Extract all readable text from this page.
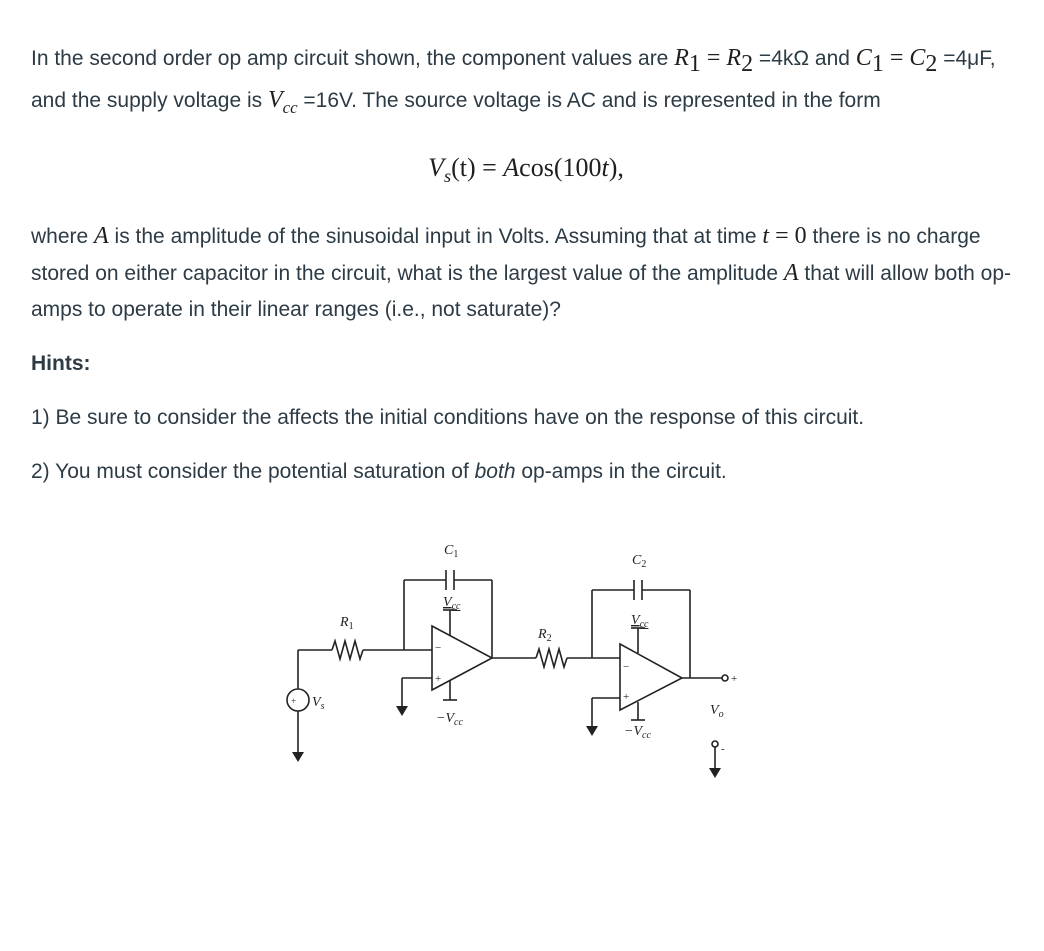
In the second order op amp circuit shown, the component values are $R_1 = R_2 =4k\Omega$ and $C_1 = C_2 =4\mu F$, and the supply voltage is $V_{cc} =16V$. The source voltage is AC and is represented in the form

$V_s(t) = Acos(100t)$,

where A is the amplitude of the sinusoidal input in Volts. Assuming that at time t = 0 there is no charge stored on either capacitor in the circuit, what is the largest value of the amplitude A that will allow both op-amps to operate in their linear ranges (i.e., not saturate)?

Hints:

1) Be sure to consider the affects the initial conditions have on the response of this circuit.

2) You must consider the potential saturation of both op-amps in the circuit.

+ $V_s$
$R_1$
$C_1$
$V_{cc}$
$-V_{cc}$
−
+
$R_2$
$C_2$
$V_{cc}$
$-V_{cc}$
−
+
+
-
$V_o$
